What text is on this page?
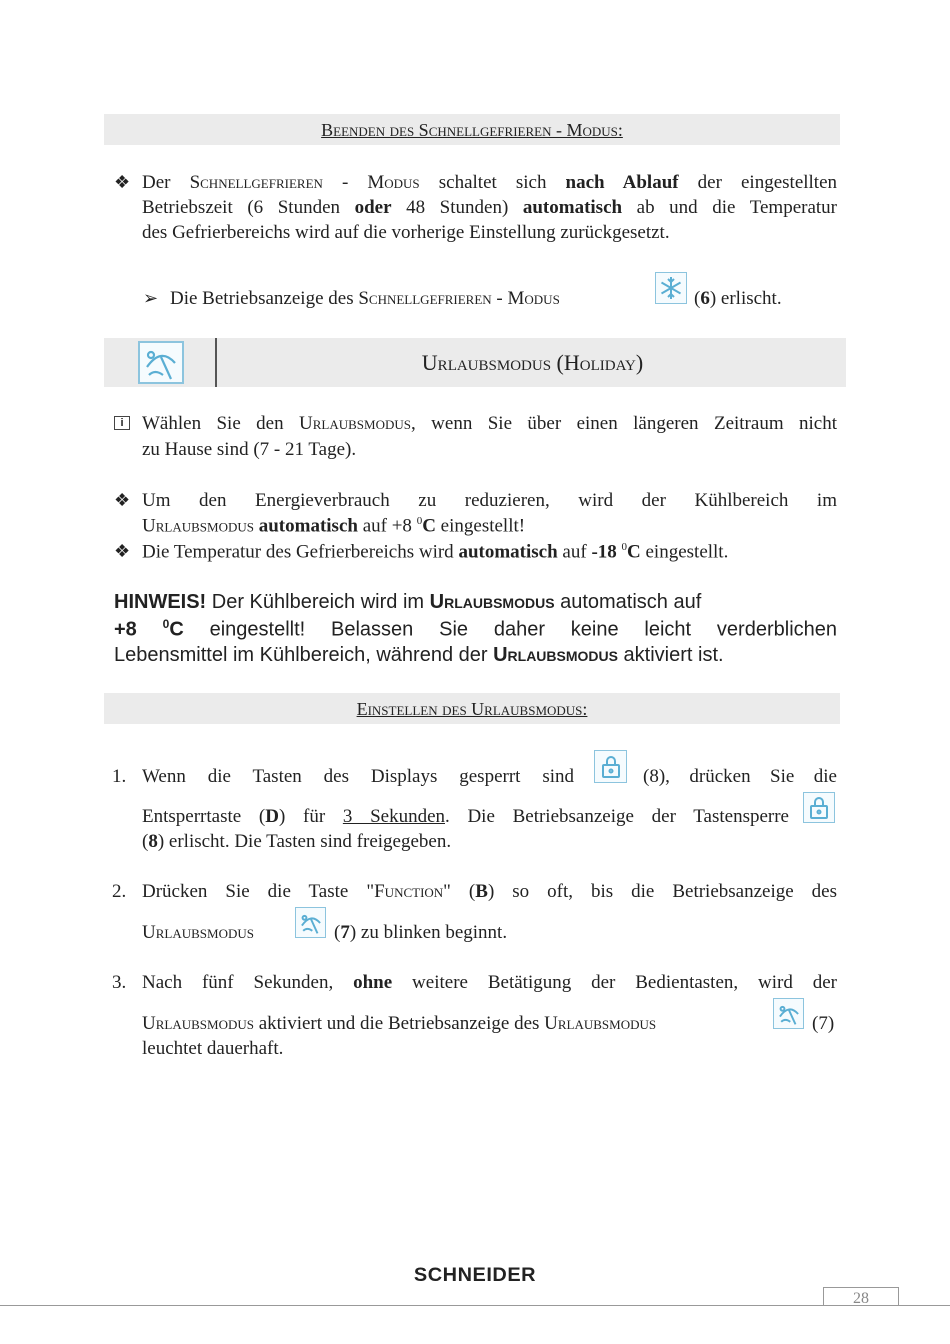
Beenden des Schnellgefrieren - Modus:
❖ Der Schnellgefrieren - Modus schaltet sich nach Ablauf der eingestellten
Betriebszeit (6 Stunden oder 48 Stunden) automatisch ab und die Temperatur
des Gefrierbereichs wird auf die vorherige Einstellung zurückgesetzt.
➢ Die Betriebsanzeige des Schnellgefrieren - Modus	(6) erlischt.
Urlaubsmodus (Holiday)
i Wählen Sie den Urlaubsmodus, wenn Sie über einen längeren Zeitraum nicht
zu Hause sind (7 - 21 Tage).
❖ Um den Energieverbrauch zu reduzieren, wird der Kühlbereich im
Urlaubsmodus automatisch auf +8 $^0$C eingestellt!
❖ Die Temperatur des Gefrierbereichs wird automatisch auf -18 $^0$C eingestellt.
HINWEIS! Der Kühlbereich wird im Urlaubsmodus automatisch auf
+8 $^0$C eingestellt! Belassen Sie daher keine leicht verderblichen
Lebensmittel im Kühlbereich, während der Urlaubsmodus aktiviert ist.
Einstellen des Urlaubsmodus:
1. Wenn die Tasten des Displays gesperrt sind	(8), drücken Sie die
Entsperrtaste (D) für 3 Sekunden. Die Betriebsanzeige der Tastensperre
(8) erlischt. Die Tasten sind freigegeben.
2. Drücken Sie die Taste "Function" (B) so oft, bis die Betriebsanzeige des
Urlaubsmodus	(7) zu blinken beginnt.
3. Nach fünf Sekunden, ohne weitere Betätigung der Bedientasten, wird der
Urlaubsmodus aktiviert und die Betriebsanzeige des Urlaubsmodus	(7)
leuchtet dauerhaft.
SCHNEIDER
28
